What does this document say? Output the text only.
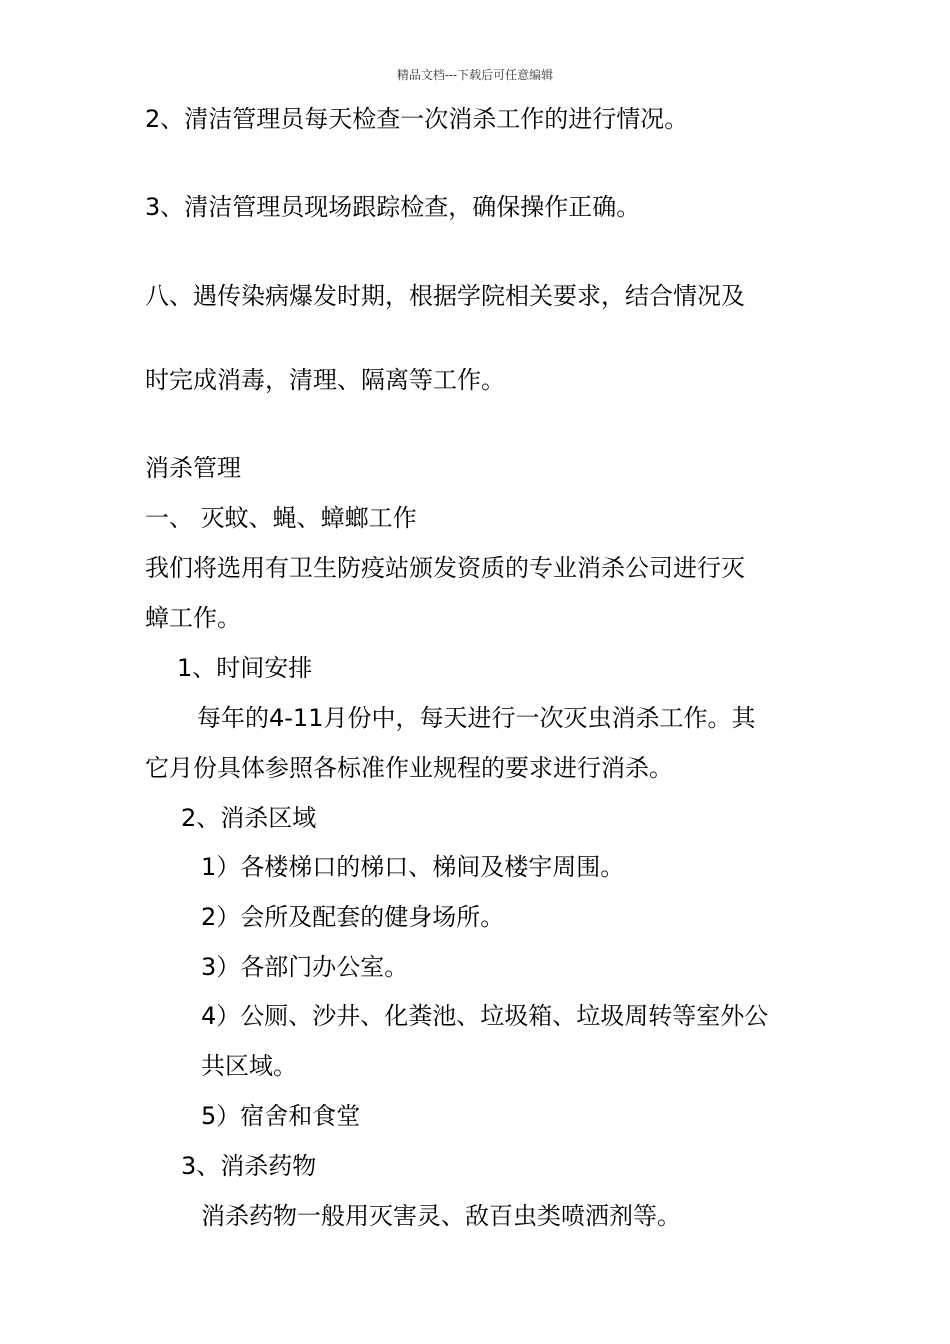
精品文档---下载后可任意编辑
2、清洁管理员每天检查一次消杀工作的进行情况。
3、清洁管理员现场跟踪检查，确保操作正确。
八、遇传染病爆发时期，根据学院相关要求，结合情况及
时完成消毒，清理、隔离等工作。
消杀管理
一、 灭蚊、蝇、蟑螂工作
我们将选用有卫生防疫站颁发资质的专业消杀公司进行灭
蟑工作。
1、时间安排
每年的4-11月份中，每天进行一次灭虫消杀工作。其
它月份具体参照各标准作业规程的要求进行消杀。
2、消杀区域
1）各楼梯口的梯口、梯间及楼宇周围。
2）会所及配套的健身场所。
3）各部门办公室。
4）公厕、沙井、化粪池、垃圾箱、垃圾周转等室外公
共区域。
5）宿舍和食堂
3、消杀药物
消杀药物一般用灭害灵、敌百虫类喷洒剂等。
